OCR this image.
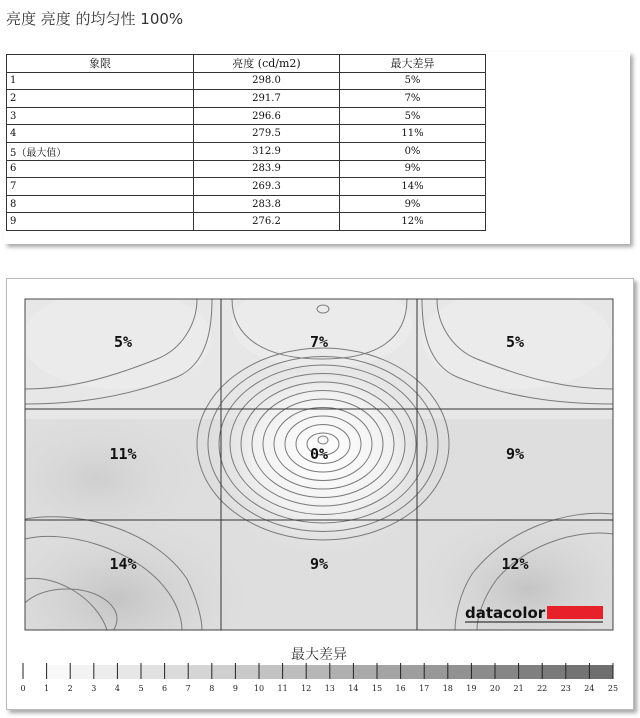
亮度 亮度 的均匀性 100%
象限	亮度 (cd/m2)	最大差异
1	298.0	5%
2	291.7	7%
3	296.6	5%
4	279.5	11%
5（最大值）	312.9	0%
6	283.9	9%
7	269.3	14%
8	283.8	9%
9	276.2	12%
5%	7%	5%
11%	0%	9%
14%	9%	12%
datacolor
最大差异
0 1 2 3 4 5 6 7 8 9 10 11 12 13 14 15 16 17 18 19 20 21 22 23 24 25
